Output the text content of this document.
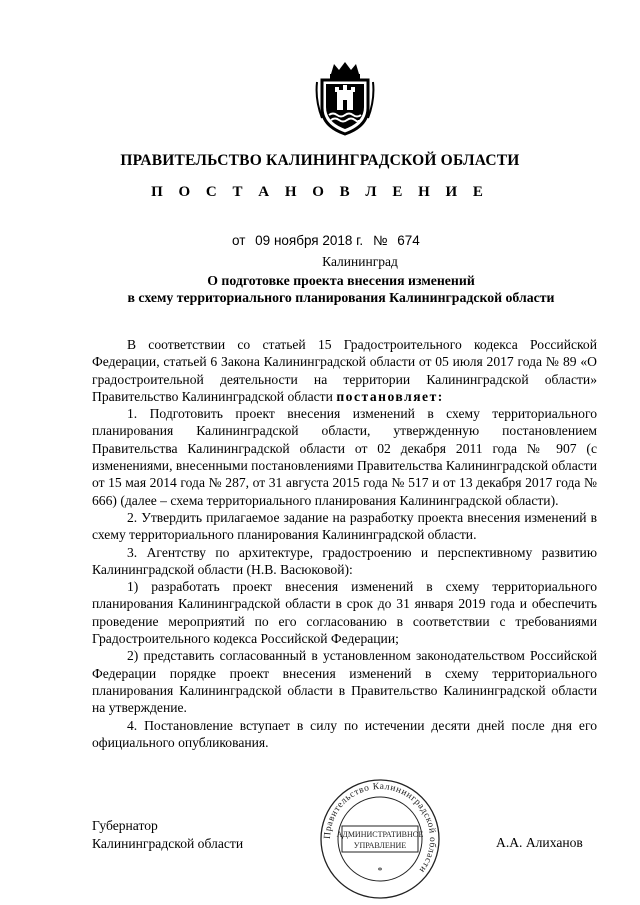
ПРАВИТЕЛЬСТВО КАЛИНИНГРАДСКОЙ ОБЛАСТИ
П О С Т А Н О В Л Е Н И Е
от 09 ноября 2018 г. № 674
Калининград
О подготовке проекта внесения изменений
в схему территориального планирования Калининградской области

В соответствии со статьей 15 Градостроительного кодекса Российской Федерации, статьей 6 Закона Калининградской области от 05 июля 2017 года № 89 «О градостроительной деятельности на территории Калининградской области» Правительство Калининградской области постановляет:

1. Подготовить проект внесения изменений в схему территориального планирования Калининградской области, утвержденную постановлением Правительства Калининградской области от 02 декабря 2011 года № 907 (с изменениями, внесенными постановлениями Правительства Калининградской области от 15 мая 2014 года № 287, от 31 августа 2015 года № 517 и от 13 декабря 2017 года № 666) (далее – схема территориального планирования Калининградской области).

2. Утвердить прилагаемое задание на разработку проекта внесения изменений в схему территориального планирования Калининградской области.

3. Агентству по архитектуре, градостроению и перспективному развитию Калининградской области (Н.В. Васюковой):

1) разработать проект внесения изменений в схему территориального планирования Калининградской области в срок до 31 января 2019 года и обеспечить проведение мероприятий по его согласованию в соответствии с требованиями Градостроительного кодекса Российской Федерации;

2) представить согласованный в установленном законодательством Российской Федерации порядке проект внесения изменений в схему территориального планирования Калининградской области в Правительство Калининградской области на утверждение.

4. Постановление вступает в силу по истечении десяти дней после дня его официального опубликования.

Губернатор
Калининградской области	А.А. Алиханов
Правительство Калининградской области
АДМИНИСТРАТИВНОЕ
УПРАВЛЕНИЕ
*
